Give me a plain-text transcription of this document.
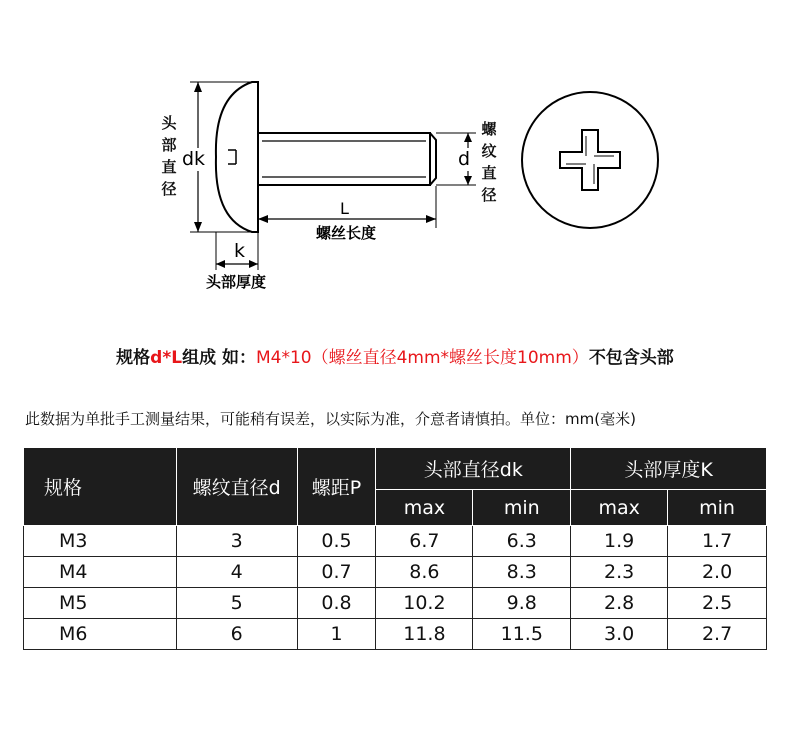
头
部
直
径
dk	d
螺
纹
直
径
L
螺丝长度
k
头部厚度
规格d*L组成 如：M4*10（螺丝直径4mm*螺丝长度10mm）不包含头部
此数据为单批手工测量结果，可能稍有误差，以实际为准，介意者请慎拍。单位：mm(毫米)
规格	螺纹直径d	螺距P	头部直径dk		头部厚度K	
			max	min	max	min
M3	3	0.5	6.7	6.3	1.9	1.7
M4	4	0.7	8.6	8.3	2.3	2.0
M5	5	0.8	10.2	9.8	2.8	2.5
M6	6	1	11.8	11.5	3.0	2.7
